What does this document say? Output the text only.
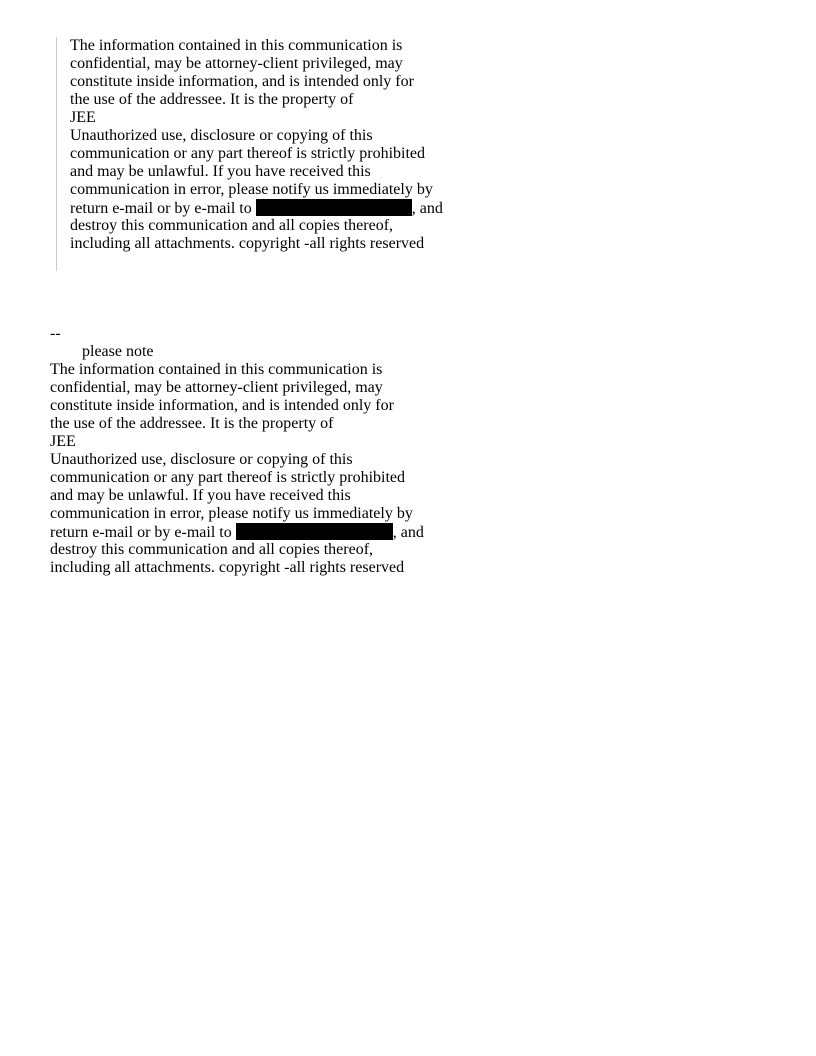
The information contained in this communication is
confidential, may be attorney-client privileged, may
constitute inside information, and is intended only for
the use of the addressee. It is the property of
JEE
Unauthorized use, disclosure or copying of this
communication or any part thereof is strictly prohibited
and may be unlawful. If you have received this
communication in error, please notify us immediately by
return e-mail or by e-mail to	, and
destroy this communication and all copies thereof,
including all attachments. copyright -all rights reserved
--
please note
The information contained in this communication is
confidential, may be attorney-client privileged, may
constitute inside information, and is intended only for
the use of the addressee. It is the property of
JEE
Unauthorized use, disclosure or copying of this
communication or any part thereof is strictly prohibited
and may be unlawful. If you have received this
communication in error, please notify us immediately by
return e-mail or by e-mail to	, and
destroy this communication and all copies thereof,
including all attachments. copyright -all rights reserved
